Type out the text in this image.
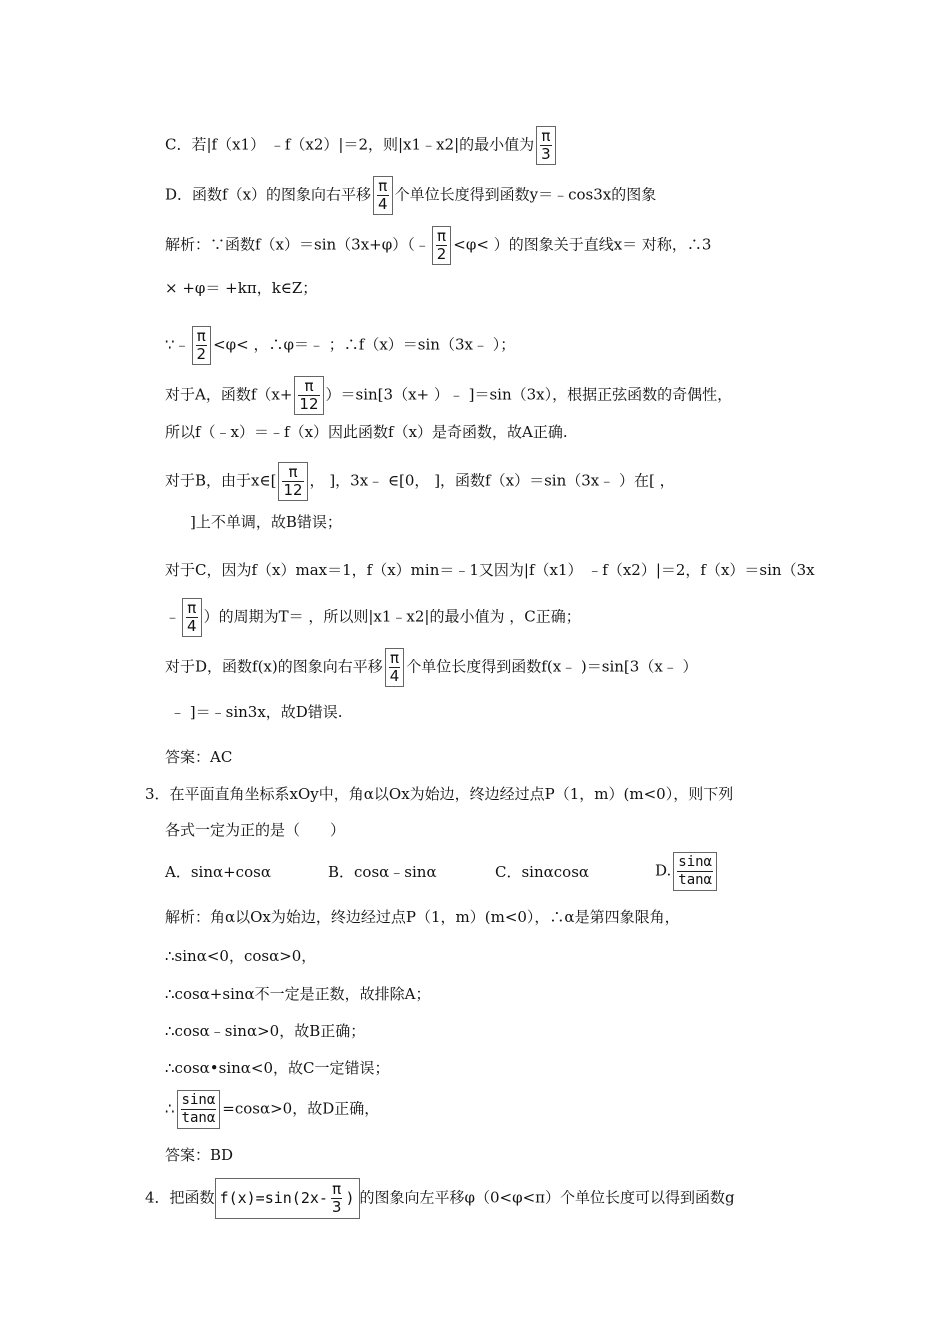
C．若|f（x1） ﹣f（x2）|＝2，则|x1﹣x2|的最小值为 $\frac{\pi}{3}$
D．函数f（x）的图象向右平移 $\frac{\pi}{4}$ 个单位长度得到函数y＝﹣cos3x的图象
解析：∵函数f（x）＝sin（3x+φ）（﹣ $\frac{\pi}{2} <\varphi<$ ）的图象关于直线x＝ 对称，∴3
× +φ＝ +kπ，k∈Z；
∵﹣ $\frac{\pi}{2} <\varphi<$ ，∴φ＝﹣ ；∴f（x）＝sin（3x﹣ ）；
对于A，函数$f(x+ \frac{\pi}{12} )=\sin[3(x+$ ）﹣ ]＝sin（3x），根据正弦函数的奇偶性，
所以f（﹣x）＝﹣f（x）因此函数f（x）是奇函数，故A正确.
对于B，由于x∈[ $\frac{\pi}{12}$ ， ]，3x﹣ ∈[0， ]，函数f（x）＝sin（3x﹣ ）在[ ，
]上不单调，故B错误；
对于C，因为f（x）max＝1，f（x）min＝﹣1又因为|f（x1） ﹣f（x2）|＝2，f（x）＝sin（3x
﹣ $\frac{\pi}{4}$ ）的周期为T＝ ，所以则|x1﹣x2|的最小值为 ，C正确；
对于D，函数f(x)的图象向右平移 $\frac{\pi}{4}$ 个单位长度得到函数f(x﹣ )＝sin[3（x﹣ ）
﹣ ]＝﹣sin3x，故D错误.
答案：AC
3．在平面直角坐标系xOy中，角α以Ox为始边，终边经过点P（1，m）(m<0），则下列
各式一定为正的是（　　）
A．sinα+cosα	B．cosα﹣sinα	C．sinαcosα	D. $\frac{\sin\alpha}{\tan\alpha}$
解析：角α以Ox为始边，终边经过点P（1，m）(m<0），∴α是第四象限角，
∴sinα<0，cosα>0，
∴cosα+sinα不一定是正数，故排除A；
∴cosα﹣sinα>0，故B正确；
∴cosα•sinα<0，故C一定错误；
∴ $\frac{\sin\alpha}{\tan\alpha} =\cos\alpha>0$，故D正确，
答案：BD
4．把函数 $f(x)=\sin(2x- \frac{\pi}{3}$ ) 的图象向左平移φ（0<φ<π）个单位长度可以得到函数g
